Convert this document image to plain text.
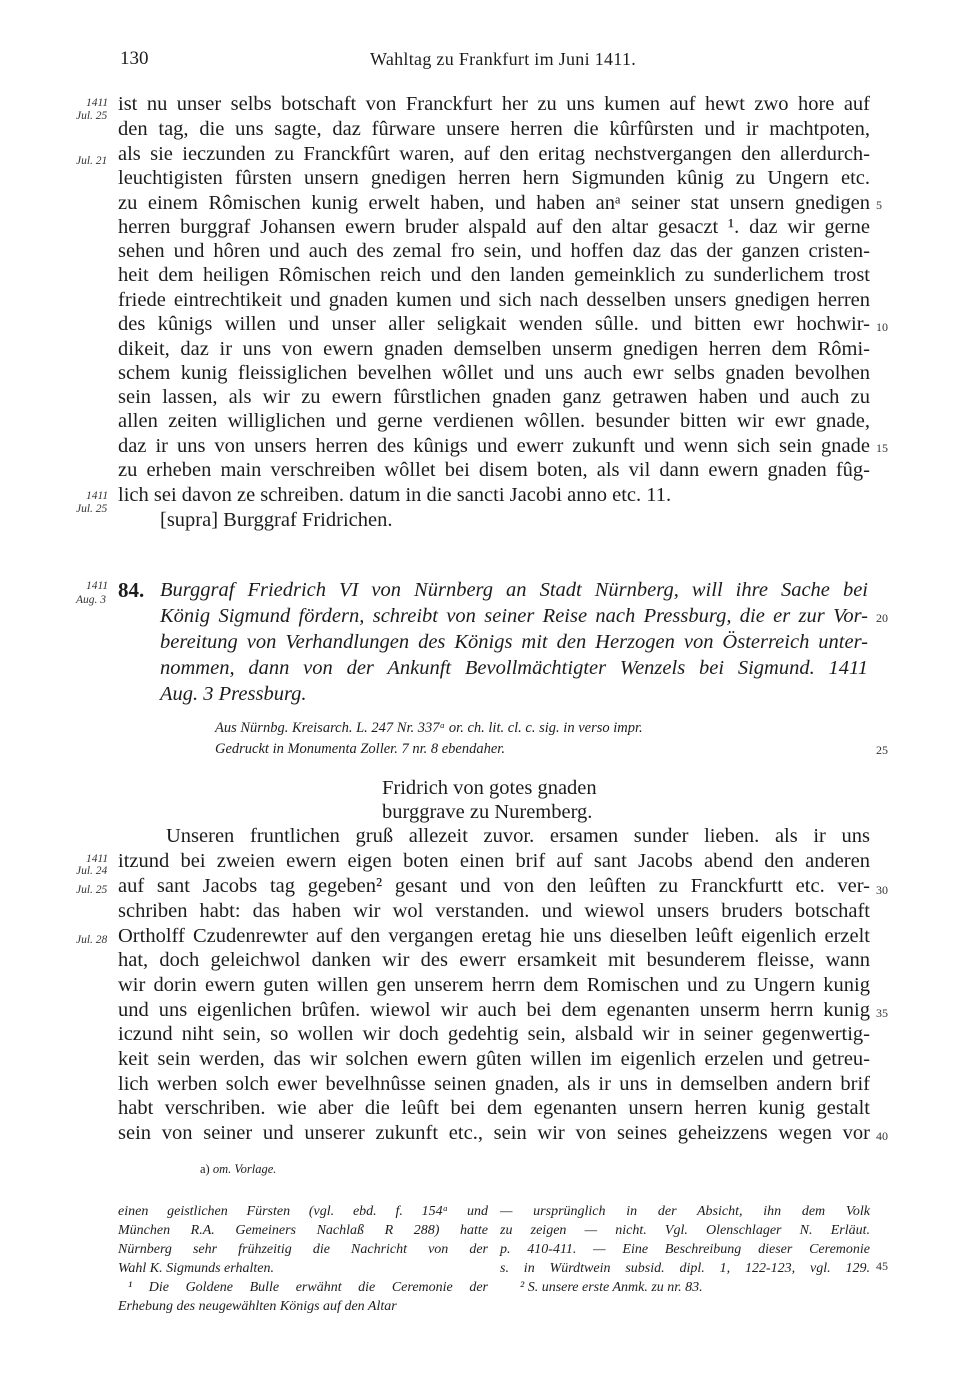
130	Wahltag zu Frankfurt im Juni 1411.
1411
Jul. 25
Jul. 21
1411
Jul. 25
ist nu unser selbs botschaft von Franckfurt her zu uns kumen auf hewt zwo hore auf
den tag, die uns sagte, daz fûrware unsere herren die kûrfûrsten und ir machtpoten,
als sie ieczunden zu Franckfûrt waren, auf den eritag nechstvergangen den allerdurch-
leuchtigisten fûrsten unsern gnedigen herren hern Sigmunden kûnig zu Ungern etc.
zu einem Rômischen kunig erwelt haben, und haben anᵃ seiner stat unsern gnedigen
herren burggraf Johansen ewern bruder alspald auf den altar gesaczt ¹. daz wir gerne
sehen und hôren und auch des zemal fro sein, und hoffen daz das der ganzen cristen-
heit dem heiligen Rômischen reich und den landen gemeinklich zu sunderlichem trost
friede eintrechtikeit und gnaden kumen und sich nach desselben unsers gnedigen herren
des kûnigs willen und unser aller seligkait wenden sûlle. und bitten ewr hochwir-
dikeit, daz ir uns von ewern gnaden demselben unserm gnedigen herren dem Rômi-
schem kunig fleissiglichen bevelhen wôllet und uns auch ewr selbs gnaden bevolhen
sein lassen, als wir zu ewern fûrstlichen gnaden ganz getrawen haben und auch zu
allen zeiten williglichen und gerne verdienen wôllen. besunder bitten wir ewr gnade,
daz ir uns von unsers herren des kûnigs und ewerr zukunft und wenn sich sein gnade
zu erheben main verschreiben wôllet bei disem boten, als vil dann ewern gnaden fûg-
lich sei davon ze schreiben. datum in die sancti Jacobi anno etc. 11.
[supra] Burggraf Fridrichen.
5
10
15
1411
Aug. 3 84. Burggraf Friedrich VI von Nürnberg an Stadt Nürnberg, will ihre Sache bei
König Sigmund fördern, schreibt von seiner Reise nach Pressburg, die er zur Vor-
bereitung von Verhandlungen des Königs mit den Herzogen von Österreich unter-
nommen, dann von der Ankunft Bevollmächtigter Wenzels bei Sigmund. 1411
Aug. 3 Pressburg.
20
Aus Nürnbg. Kreisarch. L. 247 Nr. 337ᵃ or. ch. lit. cl. c. sig. in verso impr.
Gedruckt in Monumenta Zoller. 7 nr. 8 ebendaher.	25
Fridrich von gotes gnaden
burggrave zu Nuremberg.
1411
Jul. 24
Jul. 25
Jul. 28
Unseren fruntlichen gruß allezeit zuvor. ersamen sunder lieben. als ir uns
itzund bei zweien ewern eigen boten einen brif auf sant Jacobs abend den anderen
auf sant Jacobs tag gegeben² gesant und von den leûften zu Franckfurtt etc. ver-
schriben habt: das haben wir wol verstanden. und wiewol unsers bruders botschaft
Ortholff Czudenrewter auf den vergangen eretag hie uns dieselben leûft eigenlich erzelt
hat, doch geleichwol danken wir des ewerr ersamkeit mit besunderem fleisse, wann
wir dorin ewern guten willen gen unserem herrn dem Romischen und zu Ungern kunig
und uns eigenlichen brûfen. wiewol wir auch bei dem egenanten unserm herrn kunig
iczund niht sein, so wollen wir doch gedehtig sein, alsbald wir in seiner gegenwertig-
keit sein werden, das wir solchen ewern gûten willen im eigenlich erzelen und getreu-
lich werben solch ewer bevelhnûsse seinen gnaden, als ir uns in demselben andern brif
habt verschriben. wie aber die leûft bei dem egenanten unsern herren kunig gestalt
sein von seiner und unserer zukunft etc., sein wir von seines geheizzens wegen vor
30
35
40
a) om. Vorlage.
einen geistlichen Fürsten (vgl. ebd. f. 154ᵃ und
München R.A. Gemeiners Nachlaß R 288) hatte
Nürnberg sehr frühzeitig die Nachricht von der
Wahl K. Sigmunds erhalten.
¹ Die Goldene Bulle erwähnt die Ceremonie der
Erhebung des neugewählten Königs auf den Altar
— ursprünglich in der Absicht, ihn dem Volk
zu zeigen — nicht. Vgl. Olenschlager N. Erläut.
p. 410-411. — Eine Beschreibung dieser Ceremonie
s. in Würdtwein subsid. dipl. 1, 122-123, vgl. 129.
² S. unsere erste Anmk. zu nr. 83.
45
